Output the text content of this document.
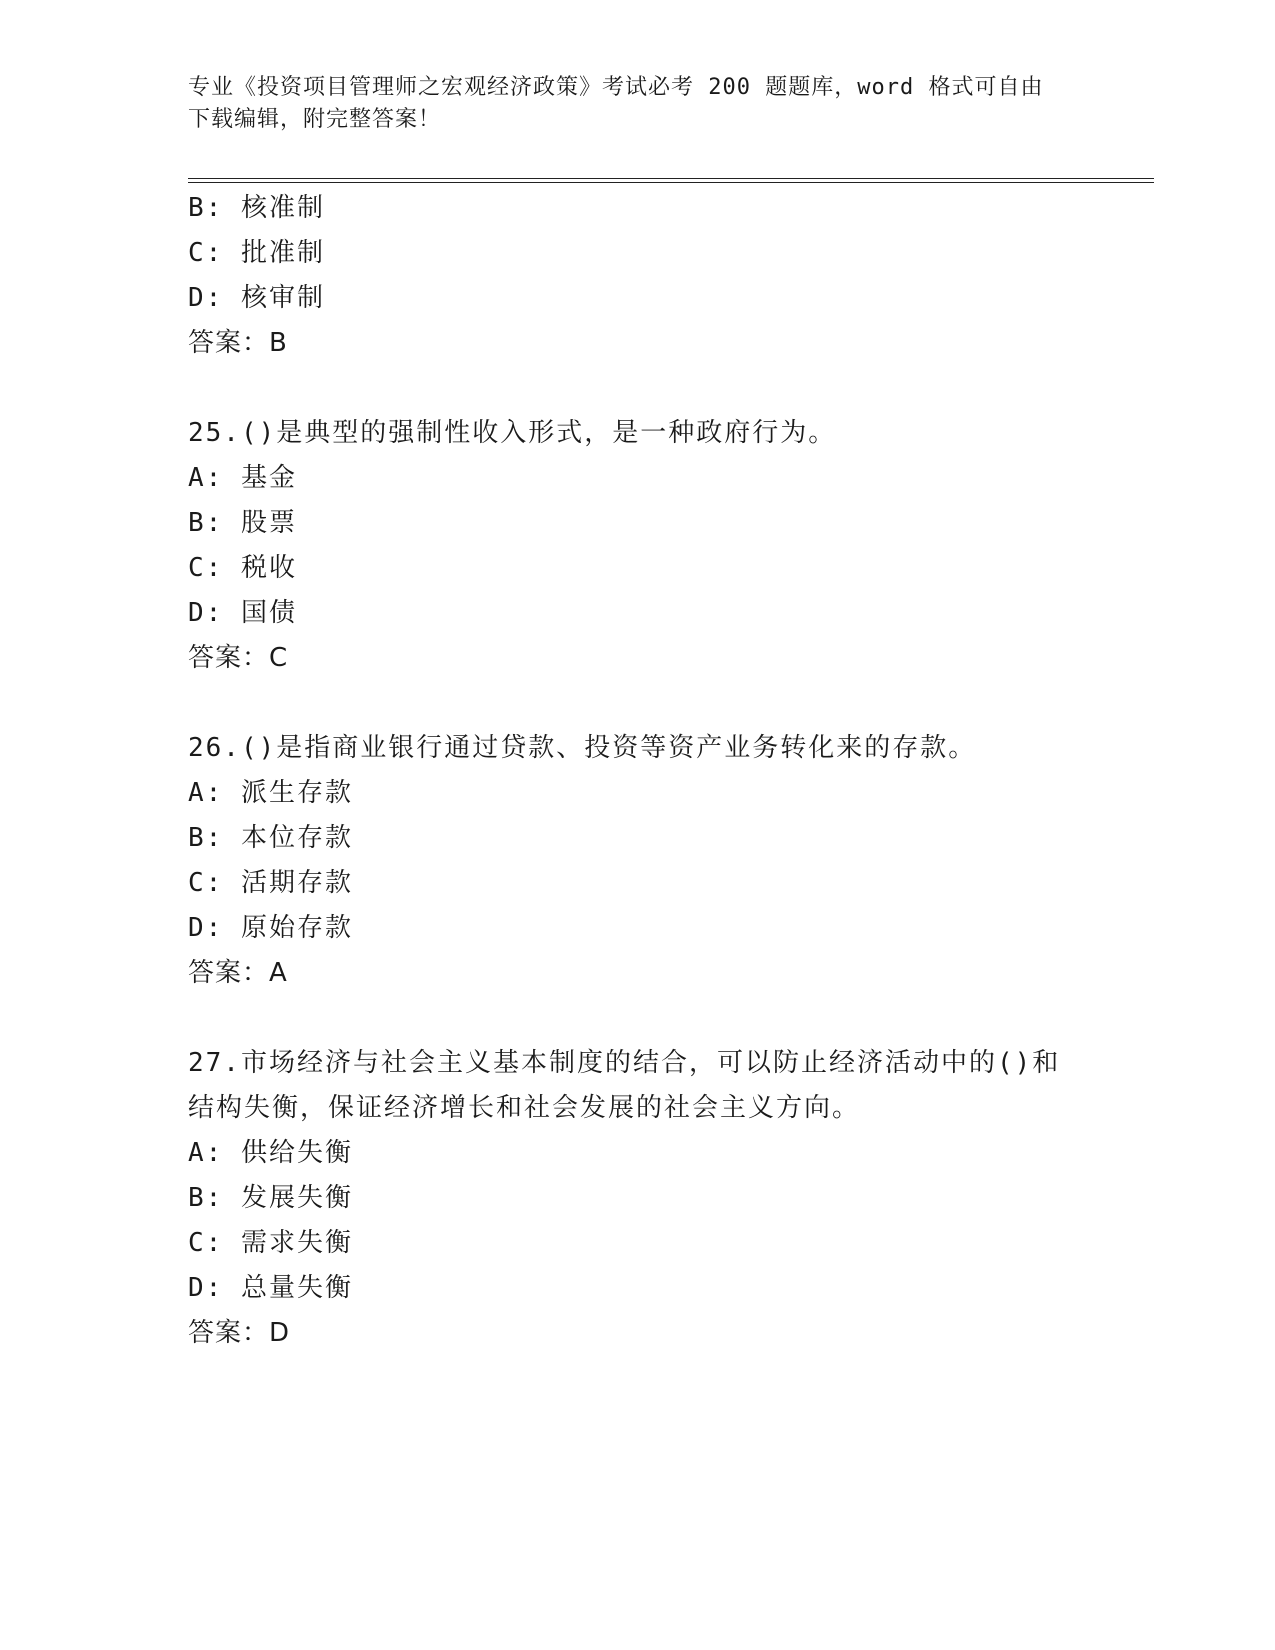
专业《投资项目管理师之宏观经济政策》考试必考 200 题题库，word 格式可自由
下载编辑，附完整答案！
B: 核准制
C: 批准制
D: 核审制
答案：B
25.()是典型的强制性收入形式，是一种政府行为。
A: 基金
B: 股票
C: 税收
D: 国债
答案：C
26.()是指商业银行通过贷款、投资等资产业务转化来的存款。
A: 派生存款
B: 本位存款
C: 活期存款
D: 原始存款
答案：A
27.市场经济与社会主义基本制度的结合，可以防止经济活动中的()和
结构失衡，保证经济增长和社会发展的社会主义方向。
A: 供给失衡
B: 发展失衡
C: 需求失衡
D: 总量失衡
答案：D
